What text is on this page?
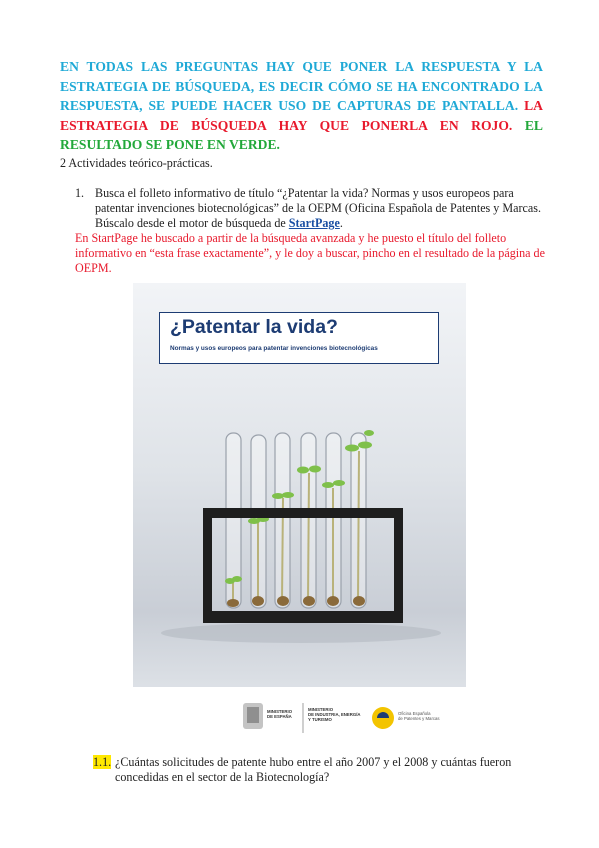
EN TODAS LAS PREGUNTAS HAY QUE PONER LA RESPUESTA Y LA ESTRATEGIA DE BÚSQUEDA, ES DECIR CÓMO SE HA ENCONTRADO LA RESPUESTA, SE PUEDE HACER USO DE CAPTURAS DE PANTALLA. LA ESTRATEGIA DE BÚSQUEDA HAY QUE PONERLA EN ROJO. EL RESULTADO SE PONE EN VERDE.
2 Actividades teórico-prácticas.
1. Busca el folleto informativo de título “¿Patentar la vida? Normas y usos europeos para patentar invenciones biotecnológicas” de la OEPM (Oficina Española de Patentes y Marcas. Búscalo desde el motor de búsqueda de StartPage.
En StartPage he buscado a partir de la búsqueda avanzada y he puesto el título del folleto informativo en “esta frase exactamente”, y le doy a buscar, pincho en el resultado de la página de OEPM.
¿Patentar la vida?
Normas y usos europeos para patentar invenciones biotecnológicas
MINISTERIO
DE ESPAÑA
MINISTERIO
DE INDUSTRIA, ENERGÍA
Y TURISMO
Oficina Española
de Patentes y Marcas
1.1. ¿Cuántas solicitudes de patente hubo entre el año 2007 y el 2008 y cuántas fueron concedidas en el sector de la Biotecnología?
